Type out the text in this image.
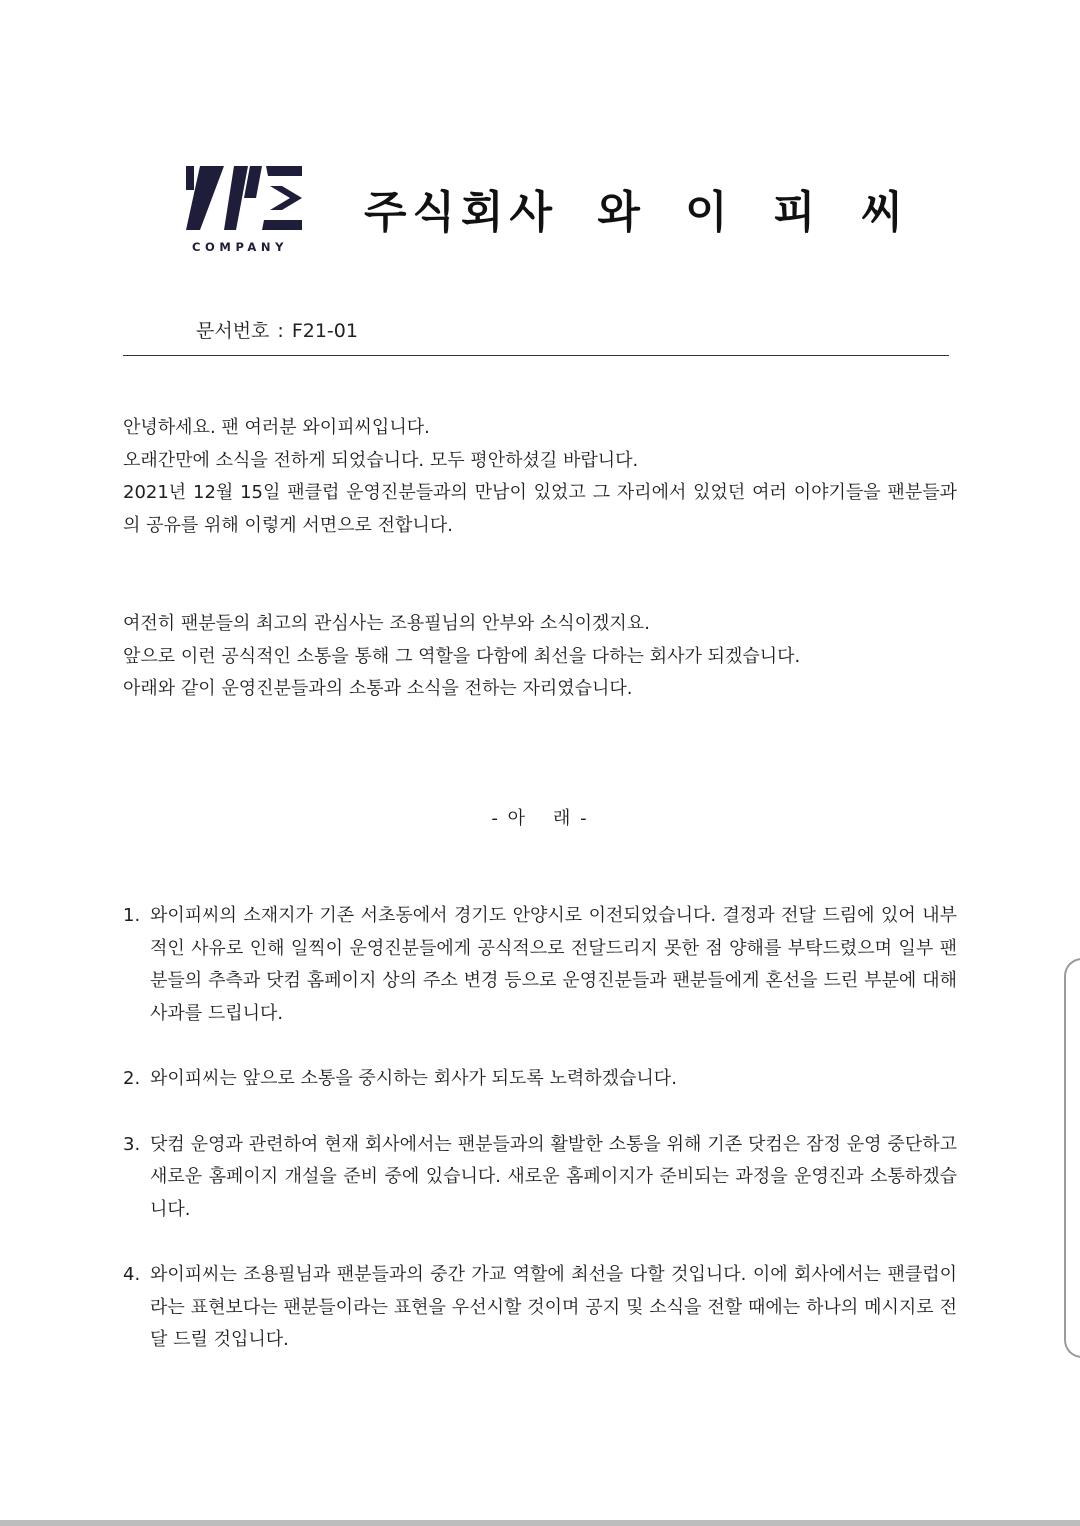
COMPANY
주식회사 와 이 피 씨
문서번호 : F21-01

안녕하세요. 팬 여러분 와이피씨입니다.

오래간만에 소식을 전하게 되었습니다. 모두 평안하셨길 바랍니다.

2021년 12월 15일 팬클럽 운영진분들과의 만남이 있었고 그 자리에서 있었던 여러 이야기들을 팬분들과의 공유를 위해 이렇게 서면으로 전합니다.

여전히 팬분들의 최고의 관심사는 조용필님의 안부와 소식이겠지요.

앞으로 이런 공식적인 소통을 통해 그 역할을 다함에 최선을 다하는 회사가 되겠습니다.

아래와 같이 운영진분들과의 소통과 소식을 전하는 자리였습니다.

- 아 래 -
1. 와이피씨의 소재지가 기존 서초동에서 경기도 안양시로 이전되었습니다. 결정과 전달 드림에 있어 내부적인 사유로 인해 일찍이 운영진분들에게 공식적으로 전달드리지 못한 점 양해를 부탁드렸으며 일부 팬분들의 추측과 닷컴 홈페이지 상의 주소 변경 등으로 운영진분들과 팬분들에게 혼선을 드린 부분에 대해 사과를 드립니다.
2. 와이피씨는 앞으로 소통을 중시하는 회사가 되도록 노력하겠습니다.
3. 닷컴 운영과 관련하여 현재 회사에서는 팬분들과의 활발한 소통을 위해 기존 닷컴은 잠정 운영 중단하고 새로운 홈페이지 개설을 준비 중에 있습니다. 새로운 홈페이지가 준비되는 과정을 운영진과 소통하겠습니다.
4. 와이피씨는 조용필님과 팬분들과의 중간 가교 역할에 최선을 다할 것입니다. 이에 회사에서는 팬클럽이라는 표현보다는 팬분들이라는 표현을 우선시할 것이며 공지 및 소식을 전할 때에는 하나의 메시지로 전달 드릴 것입니다.
